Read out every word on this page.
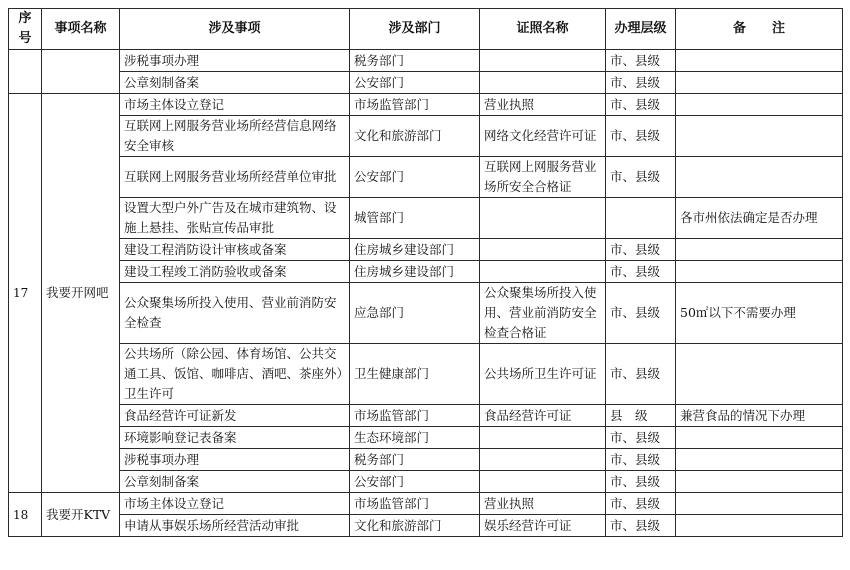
序号	事项名称	涉及事项	涉及部门	证照名称	办理层级	备注
		涉税事项办理	税务部门		市、县级	
		公章刻制备案	公安部门		市、县级	
17	我要开网吧	市场主体设立登记	市场监管部门	营业执照	市、县级	
		互联网上网服务营业场所经营信息网络安全审核	文化和旅游部门	网络文化经营许可证	市、县级	
		互联网上网服务营业场所经营单位审批	公安部门	互联网上网服务营业场所安全合格证	市、县级	
		设置大型户外广告及在城市建筑物、设施上悬挂、张贴宣传品审批	城管部门			各市州依法确定是否办理
		建设工程消防设计审核或备案	住房城乡建设部门		市、县级	
		建设工程竣工消防验收或备案	住房城乡建设部门		市、县级	
		公众聚集场所投入使用、营业前消防安全检查	应急部门	公众聚集场所投入使用、营业前消防安全检查合格证	市、县级	50㎡以下不需要办理
		公共场所（除公园、体育场馆、公共交通工具、饭馆、咖啡店、酒吧、茶座外）卫生许可	卫生健康部门	公共场所卫生许可证	市、县级	
		食品经营许可证新发	市场监管部门	食品经营许可证	县　级	兼营食品的情况下办理
		环境影响登记表备案	生态环境部门		市、县级	
		涉税事项办理	税务部门		市、县级	
		公章刻制备案	公安部门		市、县级	
18	我要开KTV	市场主体设立登记	市场监管部门	营业执照	市、县级	
		申请从事娱乐场所经营活动审批	文化和旅游部门	娱乐经营许可证	市、县级	
